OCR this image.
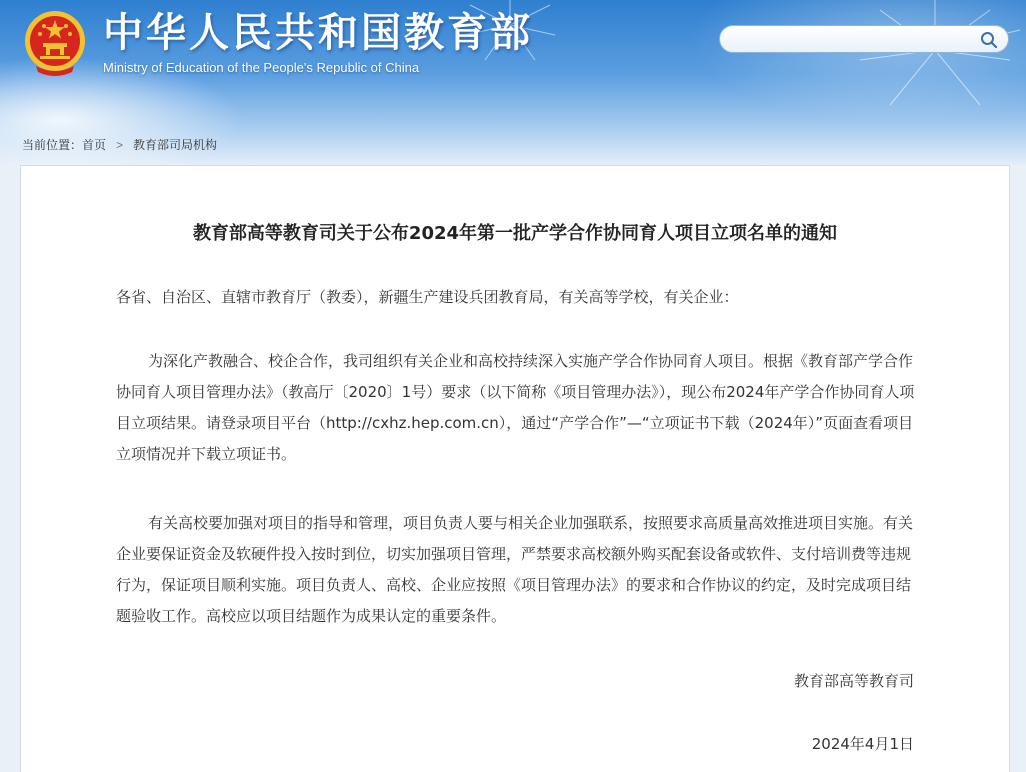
中华人民共和国教育部
Ministry of Education of the People's Republic of China
当前位置：首页 > 教育部司局机构
教育部高等教育司关于公布2024年第一批产学合作协同育人项目立项名单的通知

各省、自治区、直辖市教育厅（教委），新疆生产建设兵团教育局，有关高等学校，有关企业：

为深化产教融合、校企合作，我司组织有关企业和高校持续深入实施产学合作协同育人项目。根据《教育部产学合作协同育人项目管理办法》（教高厅〔2020〕1号）要求（以下简称《项目管理办法》），现公布2024年产学合作协同育人项目立项结果。请登录项目平台（http://cxhz.hep.com.cn），通过“产学合作”—“立项证书下载（2024年）”页面查看项目立项情况并下载立项证书。

有关高校要加强对项目的指导和管理，项目负责人要与相关企业加强联系，按照要求高质量高效推进项目实施。有关企业要保证资金及软硬件投入按时到位，切实加强项目管理，严禁要求高校额外购买配套设备或软件、支付培训费等违规行为，保证项目顺利实施。项目负责人、高校、企业应按照《项目管理办法》的要求和合作协议的约定，及时完成项目结题验收工作。高校应以项目结题作为成果认定的重要条件。

教育部高等教育司

2024年4月1日
